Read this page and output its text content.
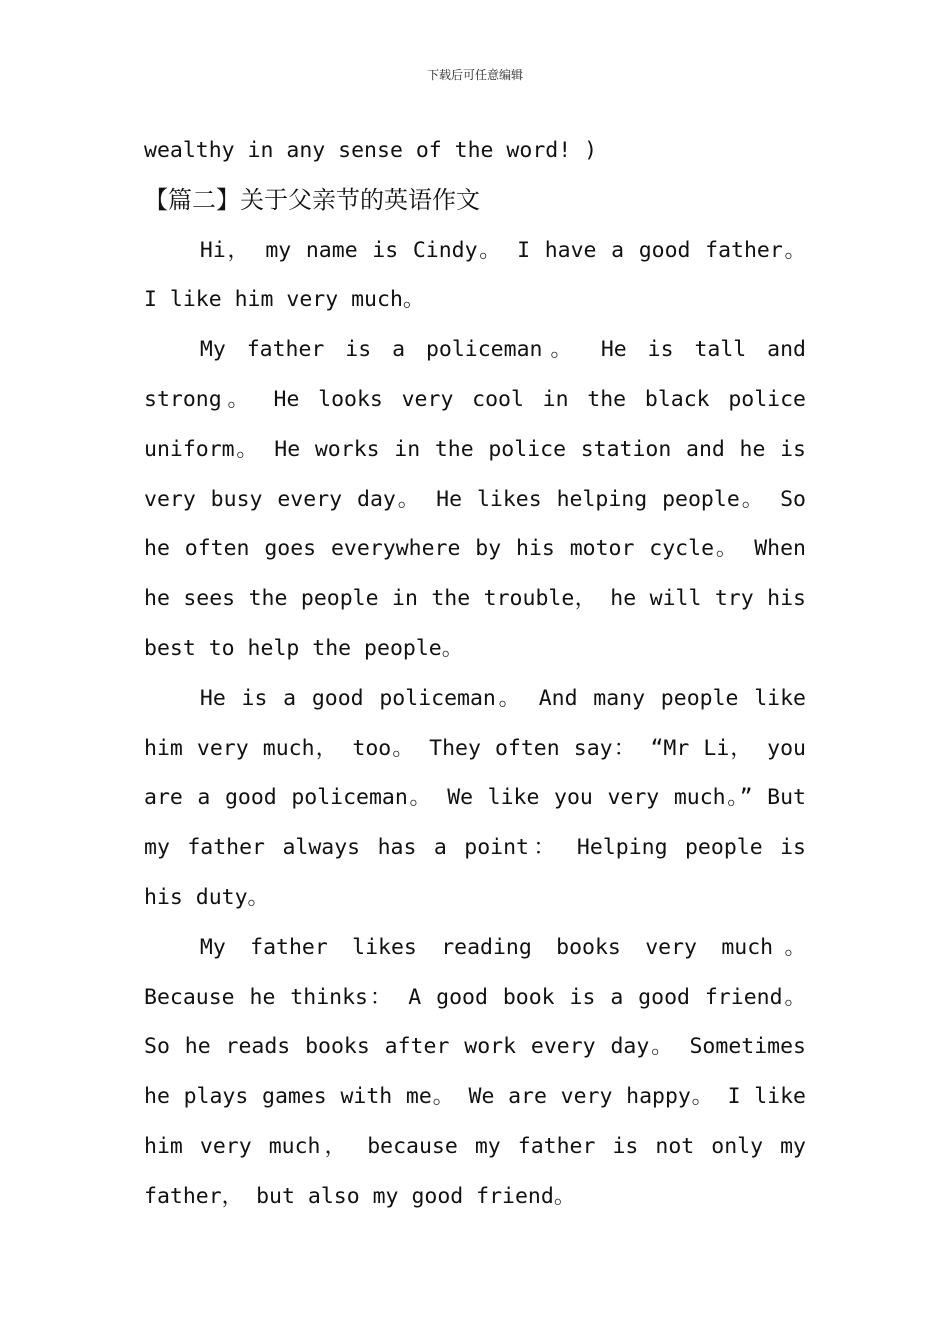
下载后可任意编辑

wealthy in any sense of the word! )

【篇二】关于父亲节的英语作文

Hi， my name is Cindy。 I have a good father。 I like him very much。

My father is a policeman。 He is tall and strong。 He looks very cool in the black police uniform。 He works in the police station and he is very busy every day。 He likes helping people。 So he often goes everywhere by his motor cycle。 When he sees the people in the trouble， he will try his best to help the people。

He is a good policeman。 And many people like him very much， too。 They often say： “Mr Li， you are a good policeman。 We like you very much。” But my father always has a point： Helping people is his duty。

My father likes reading books very much。 Because he thinks： A good book is a good friend。 So he reads books after work every day。 Sometimes he plays games with me。 We are very happy。 I like him very much， because my father is not only my father， but also my good friend。
